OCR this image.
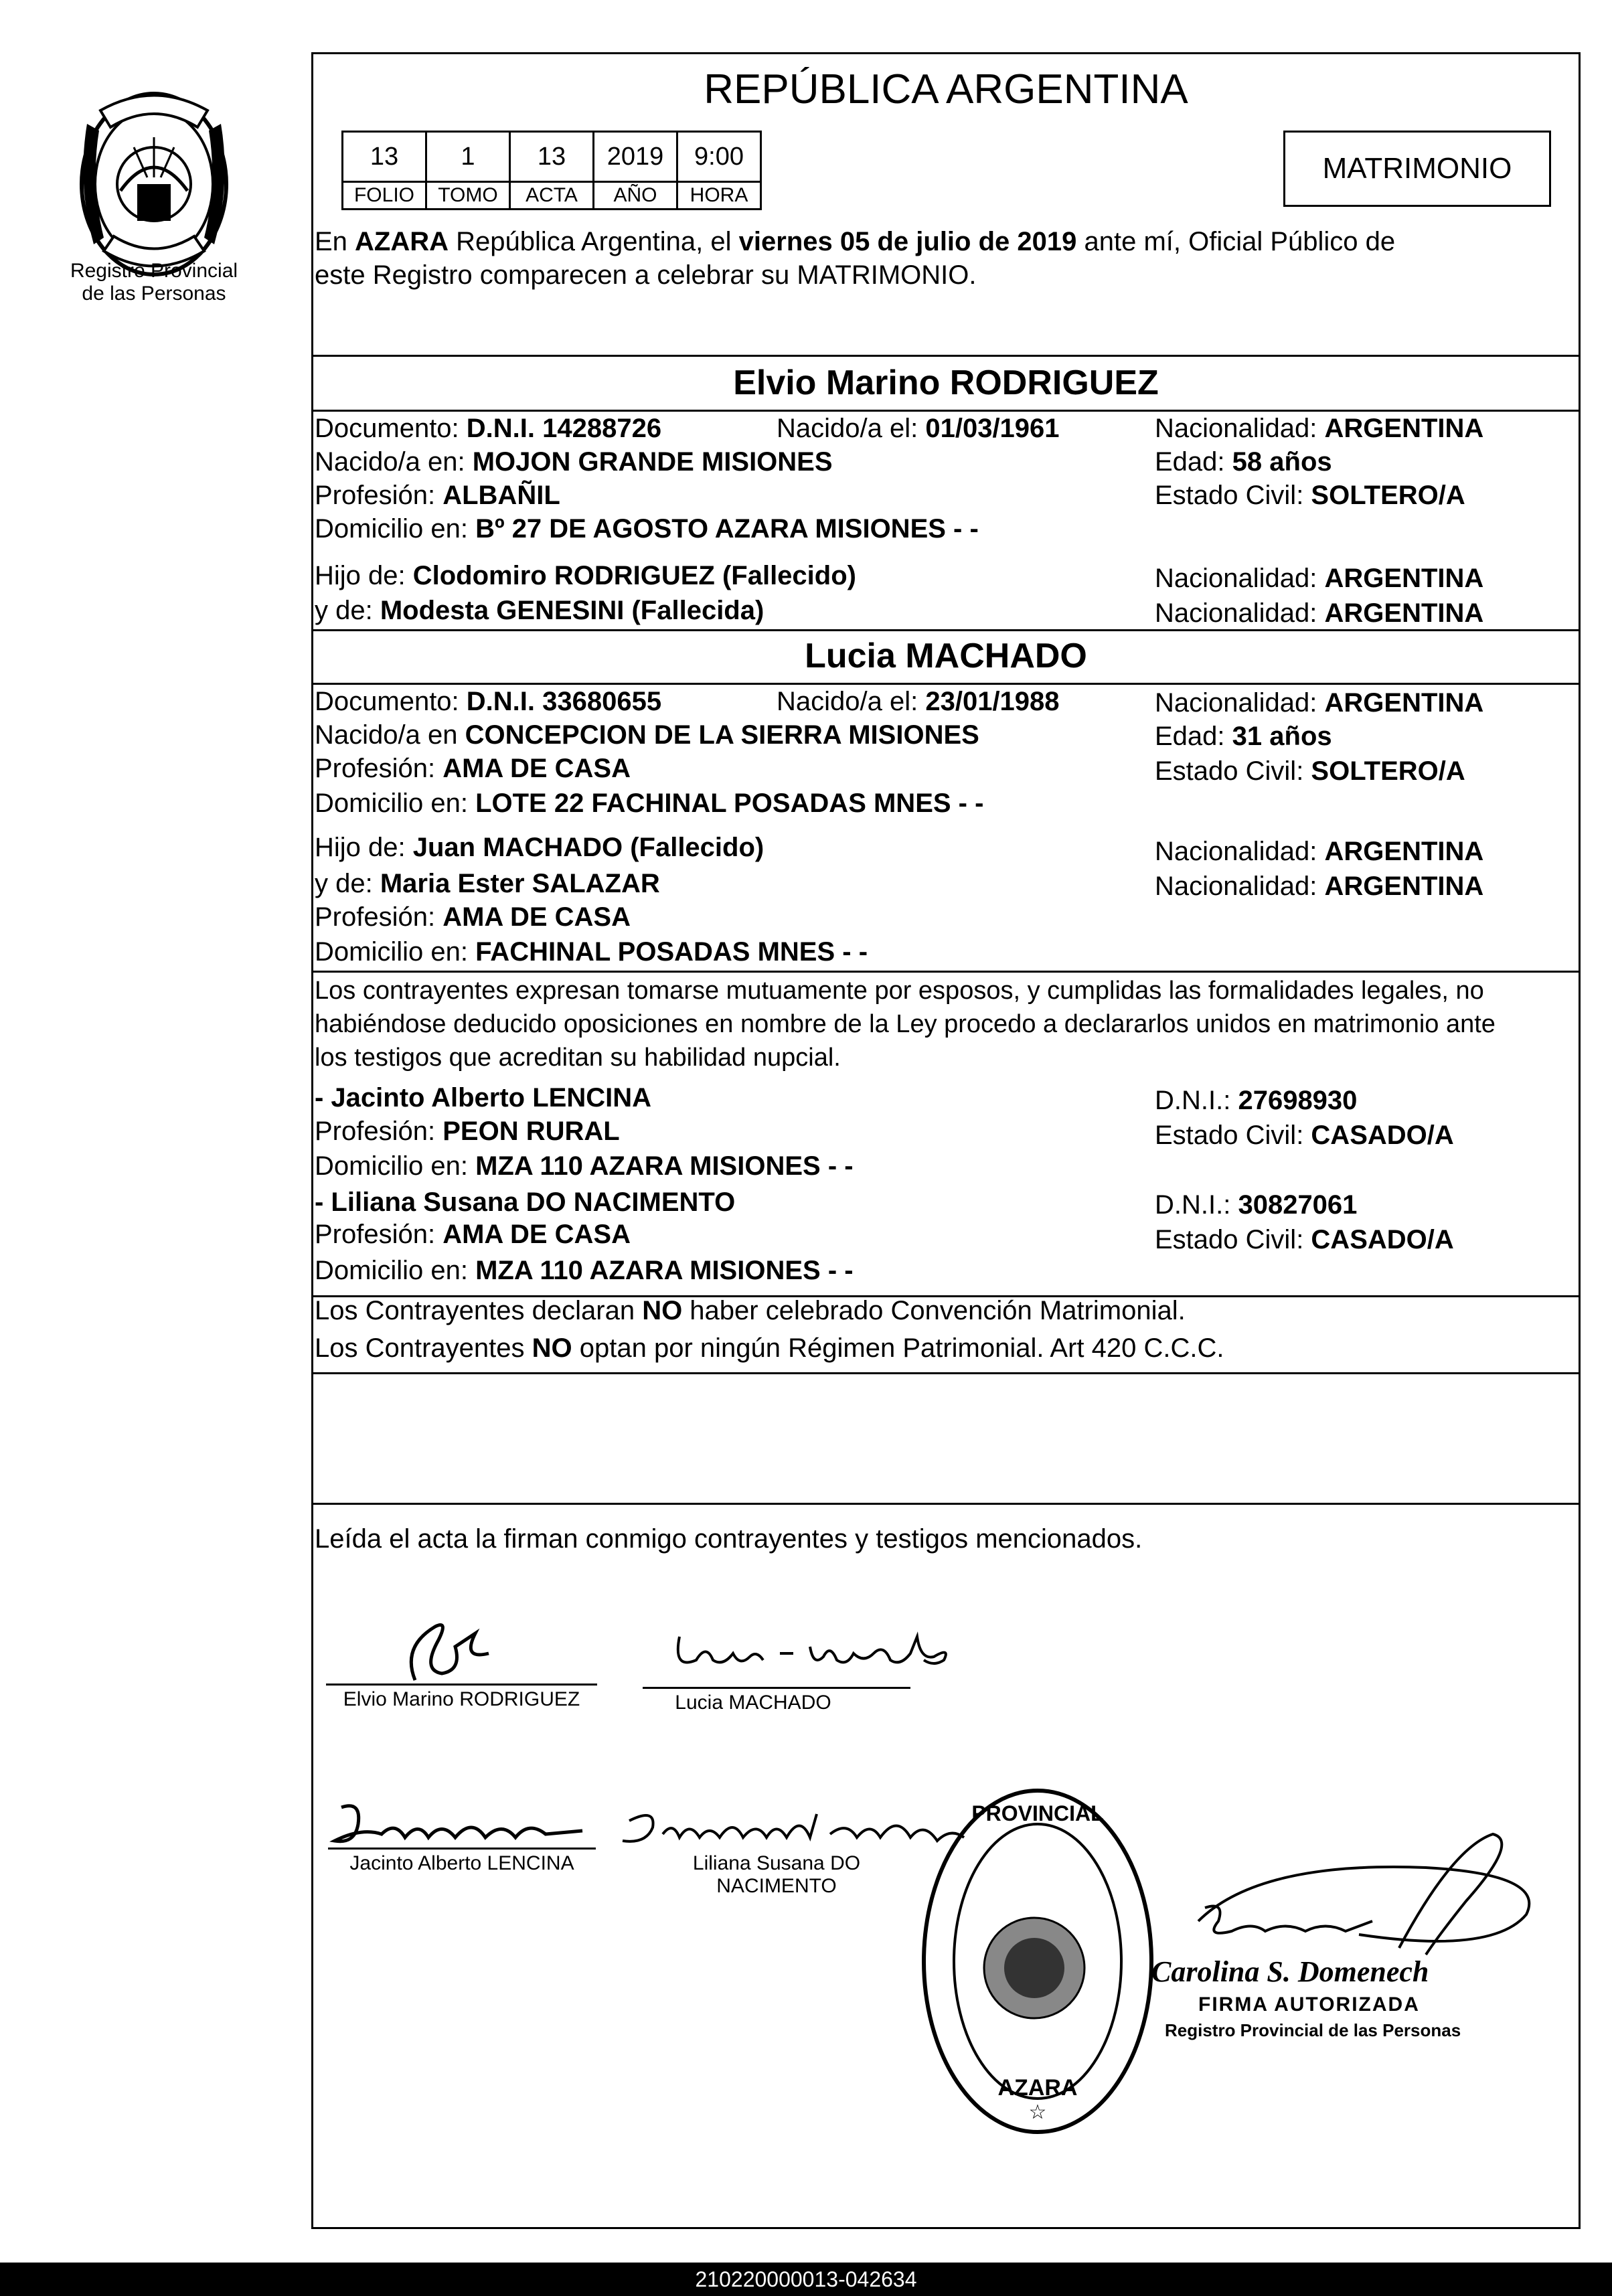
Registro Provincial
de las Personas
REPÚBLICA ARGENTINA
13	1	13	2019	9:00
FOLIO	TOMO	ACTA	AÑO	HORA
MATRIMONIO
En AZARA República Argentina, el viernes 05 de julio de 2019 ante mí, Oficial Público de
este Registro comparecen a celebrar su MATRIMONIO.
Elvio Marino RODRIGUEZ
Documento: D.N.I. 14288726	Nacido/a el: 01/03/1961	Nacionalidad: ARGENTINA
Nacido/a en: MOJON GRANDE MISIONES	Edad: 58 años
Profesión: ALBAÑIL	Estado Civil: SOLTERO/A
Domicilio en: Bº 27 DE AGOSTO AZARA MISIONES - -
Hijo de: Clodomiro RODRIGUEZ (Fallecido)	Nacionalidad: ARGENTINA
y de: Modesta GENESINI (Fallecida)	Nacionalidad: ARGENTINA
Lucia MACHADO
Documento: D.N.I. 33680655	Nacido/a el: 23/01/1988	Nacionalidad: ARGENTINA
Nacido/a en CONCEPCION DE LA SIERRA MISIONES	Edad: 31 años
Profesión: AMA DE CASA	Estado Civil: SOLTERO/A
Domicilio en: LOTE 22 FACHINAL POSADAS MNES - -
Hijo de: Juan MACHADO (Fallecido)	Nacionalidad: ARGENTINA
y de: Maria Ester SALAZAR	Nacionalidad: ARGENTINA
Profesión: AMA DE CASA
Domicilio en: FACHINAL POSADAS MNES - -
Los contrayentes expresan tomarse mutuamente por esposos, y cumplidas las formalidades legales, no
habiéndose deducido oposiciones en nombre de la Ley procedo a declararlos unidos en matrimonio ante
los testigos que acreditan su habilidad nupcial.
- Jacinto Alberto LENCINA	D.N.I.: 27698930
Profesión: PEON RURAL	Estado Civil: CASADO/A
Domicilio en: MZA 110 AZARA MISIONES - -
- Liliana Susana DO NACIMENTO	D.N.I.: 30827061
Profesión: AMA DE CASA	Estado Civil: CASADO/A
Domicilio en: MZA 110 AZARA MISIONES - -
Los Contrayentes declaran NO haber celebrado Convención Matrimonial.
Los Contrayentes NO optan por ningún Régimen Patrimonial. Art 420 C.C.C.
Leída el acta la firman conmigo contrayentes y testigos mencionados.
Elvio Marino RODRIGUEZ	Lucia MACHADO
Jacinto Alberto LENCINA	Liliana Susana DO
NACIMENTO
PROVINCIAL
AZARA
☆
Carolina S. Domenech
FIRMA AUTORIZADA
Registro Provincial de las Personas
210220000013-042634
